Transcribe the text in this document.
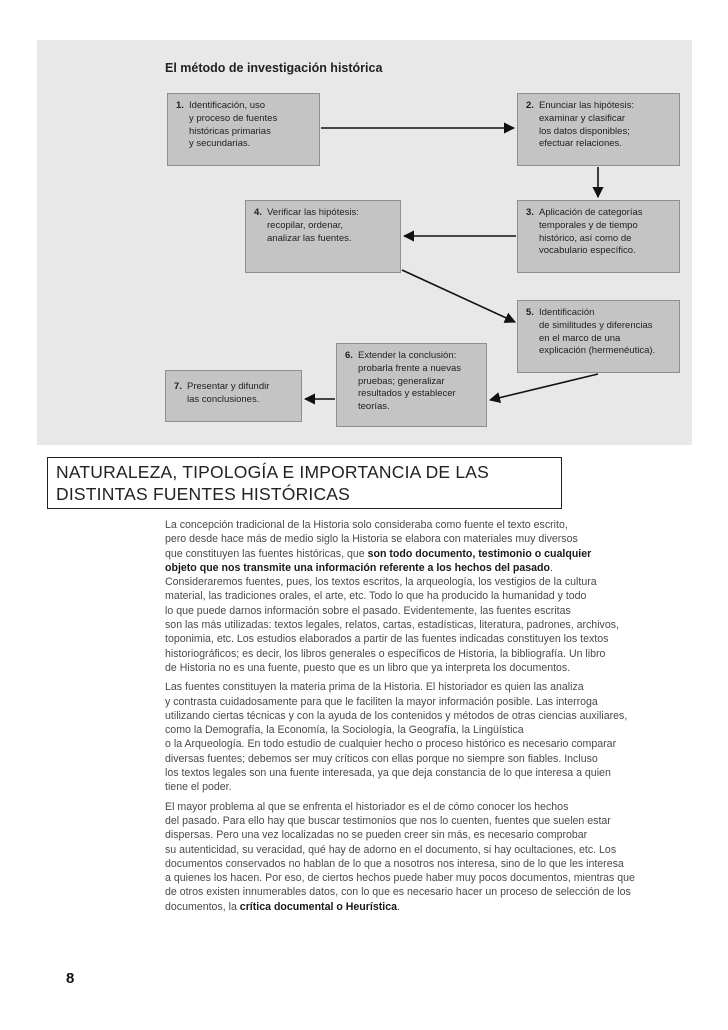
El método de investigación histórica
1. Identificación, uso
y proceso de fuentes
históricas primarias
y secundarias.
2. Enunciar las hipótesis:
examinar y clasificar
los datos disponibles;
efectuar relaciones.
3. Aplicación de categorías
temporales y de tiempo
histórico, así como de
vocabulario específico.
4. Verificar las hipótesis:
recopilar, ordenar,
analizar las fuentes.
5. Identificación
de similitudes y diferencias
en el marco de una
explicación (hermenéutica).
6. Extender la conclusión:
probarla frente a nuevas
pruebas; generalizar
resultados y establecer
teorías.
7. Presentar y difundir
las conclusiones.
NATURALEZA, TIPOLOGÍA E IMPORTANCIA DE LAS DISTINTAS FUENTES HISTÓRICAS

La concepción tradicional de la Historia solo consideraba como fuente el texto escrito,
pero desde hace más de medio siglo la Historia se elabora con materiales muy diversos
que constituyen las fuentes históricas, que son todo documento, testimonio o cualquier
objeto que nos transmite una información referente a los hechos del pasado.
Consideraremos fuentes, pues, los textos escritos, la arqueología, los vestigios de la cultura
material, las tradiciones orales, el arte, etc. Todo lo que ha producido la humanidad y todo
lo que puede darnos información sobre el pasado. Evidentemente, las fuentes escritas
son las más utilizadas: textos legales, relatos, cartas, estadísticas, literatura, padrones, archivos,
toponimia, etc. Los estudios elaborados a partir de las fuentes indicadas constituyen los textos
historiográficos; es decir, los libros generales o específicos de Historia, la bibliografía. Un libro
de Historia no es una fuente, puesto que es un libro que ya interpreta los documentos.

Las fuentes constituyen la materia prima de la Historia. El historiador es quien las analiza
y contrasta cuidadosamente para que le faciliten la mayor información posible. Las interroga
utilizando ciertas técnicas y con la ayuda de los contenidos y métodos de otras ciencias auxiliares,
como la Demografía, la Economía, la Sociología, la Geografía, la Lingüística
o la Arqueología. En todo estudio de cualquier hecho o proceso histórico es necesario comparar
diversas fuentes; debemos ser muy críticos con ellas porque no siempre son fiables. Incluso
los textos legales son una fuente interesada, ya que deja constancia de lo que interesa a quien
tiene el poder.

El mayor problema al que se enfrenta el historiador es el de cómo conocer los hechos
del pasado. Para ello hay que buscar testimonios que nos lo cuenten, fuentes que suelen estar
dispersas. Pero una vez localizadas no se pueden creer sin más, es necesario comprobar
su autenticidad, su veracidad, qué hay de adorno en el documento, si hay ocultaciones, etc. Los
documentos conservados no hablan de lo que a nosotros nos interesa, sino de lo que les interesa
a quienes los hacen. Por eso, de ciertos hechos puede haber muy pocos documentos, mientras que
de otros existen innumerables datos, con lo que es necesario hacer un proceso de selección de los
documentos, la crítica documental o Heurística.

8
